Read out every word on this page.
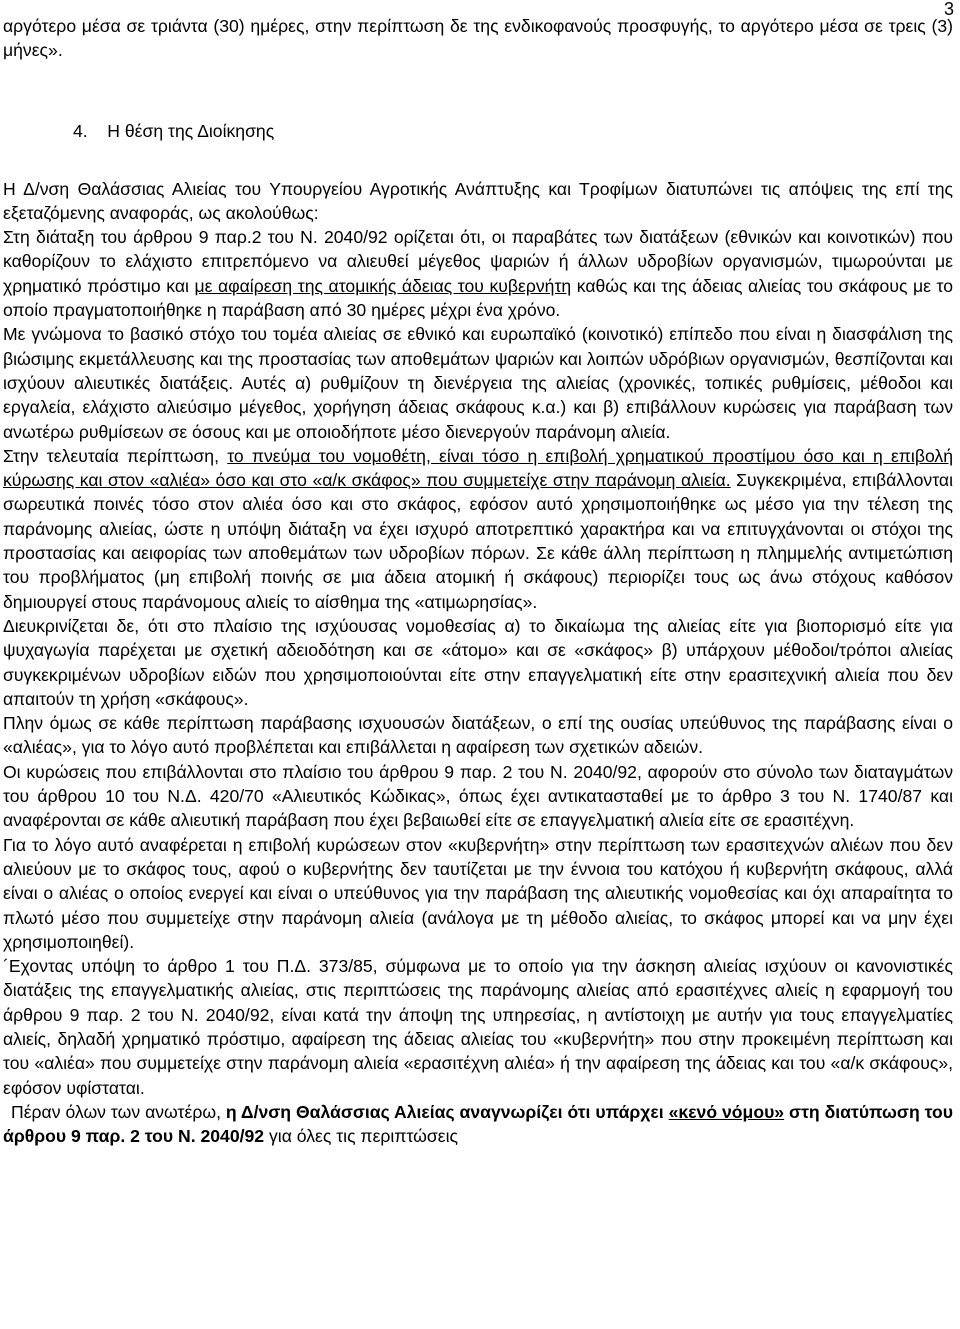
3

αργότερο μέσα σε τριάντα (30) ημέρες, στην περίπτωση δε της ενδικοφανούς προσφυγής, το αργότερο μέσα σε τρεις (3) μήνες».

4. Η θέση της Διοίκησης

Η Δ/νση Θαλάσσιας Αλιείας του Υπουργείου Αγροτικής Ανάπτυξης και Τροφίμων διατυπώνει τις απόψεις της επί της εξεταζόμενης αναφοράς, ως ακολούθως:

Στη διάταξη του άρθρου 9 παρ.2 του Ν. 2040/92 ορίζεται ότι, οι παραβάτες των διατάξεων (εθνικών και κοινοτικών) που καθορίζουν το ελάχιστο επιτρεπόμενο να αλιευθεί μέγεθος ψαριών ή άλλων υδροβίων οργανισμών, τιμωρούνται με χρηματικό πρόστιμο και με αφαίρεση της ατομικής άδειας του κυβερνήτη καθώς και της άδειας αλιείας του σκάφους με το οποίο πραγματοποιήθηκε η παράβαση από 30 ημέρες μέχρι ένα χρόνο.

Με γνώμονα το βασικό στόχο του τομέα αλιείας σε εθνικό και ευρωπαϊκό (κοινοτικό) επίπεδο που είναι η διασφάλιση της βιώσιμης εκμετάλλευσης και της προστασίας των αποθεμάτων ψαριών και λοιπών υδρόβιων οργανισμών, θεσπίζονται και ισχύουν αλιευτικές διατάξεις. Αυτές α) ρυθμίζουν τη διενέργεια της αλιείας (χρονικές, τοπικές ρυθμίσεις, μέθοδοι και εργαλεία, ελάχιστο αλιεύσιμο μέγεθος, χορήγηση άδειας σκάφους κ.α.) και β) επιβάλλουν κυρώσεις για παράβαση των ανωτέρω ρυθμίσεων σε όσους και με οποιοδήποτε μέσο διενεργούν παράνομη αλιεία.

Στην τελευταία περίπτωση, το πνεύμα του νομοθέτη, είναι τόσο η επιβολή χρηματικού προστίμου όσο και η επιβολή κύρωσης και στον «αλιέα» όσο και στο «α/κ σκάφος» που συμμετείχε στην παράνομη αλιεία. Συγκεκριμένα, επιβάλλονται σωρευτικά ποινές τόσο στον αλιέα όσο και στο σκάφος, εφόσον αυτό χρησιμοποιήθηκε ως μέσο για την τέλεση της παράνομης αλιείας, ώστε η υπόψη διάταξη να έχει ισχυρό αποτρεπτικό χαρακτήρα και να επιτυγχάνονται οι στόχοι της προστασίας και αειφορίας των αποθεμάτων των υδροβίων πόρων. Σε κάθε άλλη περίπτωση η πλημμελής αντιμετώπιση του προβλήματος (μη επιβολή ποινής σε μια άδεια ατομική ή σκάφους) περιορίζει τους ως άνω στόχους καθόσον δημιουργεί στους παράνομους αλιείς το αίσθημα της «ατιμωρησίας».

Διευκρινίζεται δε, ότι στο πλαίσιο της ισχύουσας νομοθεσίας α) το δικαίωμα της αλιείας είτε για βιοπορισμό είτε για ψυχαγωγία παρέχεται με σχετική αδειοδότηση και σε «άτομο» και σε «σκάφος» β) υπάρχουν μέθοδοι/τρόποι αλιείας συγκεκριμένων υδροβίων ειδών που χρησιμοποιούνται είτε στην επαγγελματική είτε στην ερασιτεχνική αλιεία που δεν απαιτούν τη χρήση «σκάφους».

Πλην όμως σε κάθε περίπτωση παράβασης ισχυουσών διατάξεων, ο επί της ουσίας υπεύθυνος της παράβασης είναι ο «αλιέας», για το λόγο αυτό προβλέπεται και επιβάλλεται η αφαίρεση των σχετικών αδειών.

Οι κυρώσεις που επιβάλλονται στο πλαίσιο του άρθρου 9 παρ. 2 του Ν. 2040/92, αφορούν στο σύνολο των διαταγμάτων του άρθρου 10 του Ν.Δ. 420/70 «Αλιευτικός Κώδικας», όπως έχει αντικατασταθεί με το άρθρο 3 του Ν. 1740/87 και αναφέρονται σε κάθε αλιευτική παράβαση που έχει βεβαιωθεί είτε σε επαγγελματική αλιεία είτε σε ερασιτέχνη.

Για το λόγο αυτό αναφέρεται η επιβολή κυρώσεων στον «κυβερνήτη» στην περίπτωση των ερασιτεχνών αλιέων που δεν αλιεύουν με το σκάφος τους, αφού ο κυβερνήτης δεν ταυτίζεται με την έννοια του κατόχου ή κυβερνήτη σκάφους, αλλά είναι ο αλιέας ο οποίος ενεργεί και είναι ο υπεύθυνος για την παράβαση της αλιευτικής νομοθεσίας και όχι απαραίτητα το πλωτό μέσο που συμμετείχε στην παράνομη αλιεία (ανάλογα με τη μέθοδο αλιείας, το σκάφος μπορεί και να μην έχει χρησιμοποιηθεί).

´Εχοντας υπόψη το άρθρο 1 του Π.Δ. 373/85, σύμφωνα με το οποίο για την άσκηση αλιείας ισχύουν οι κανονιστικές διατάξεις της επαγγελματικής αλιείας, στις περιπτώσεις της παράνομης αλιείας από ερασιτέχνες αλιείς η εφαρμογή του άρθρου 9 παρ. 2 του Ν. 2040/92, είναι κατά την άποψη της υπηρεσίας, η αντίστοιχη με αυτήν για τους επαγγελματίες αλιείς, δηλαδή χρηματικό πρόστιμο, αφαίρεση της άδειας αλιείας του «κυβερνήτη» που στην προκειμένη περίπτωση και του «αλιέα» που συμμετείχε στην παράνομη αλιεία «ερασιτέχνη αλιέα» ή την αφαίρεση της άδειας και του «α/κ σκάφους», εφόσον υφίσταται.

Πέραν όλων των ανωτέρω, η Δ/νση Θαλάσσιας Αλιείας αναγνωρίζει ότι υπάρχει «κενό νόμου» στη διατύπωση του άρθρου 9 παρ. 2 του Ν. 2040/92 για όλες τις περιπτώσεις
